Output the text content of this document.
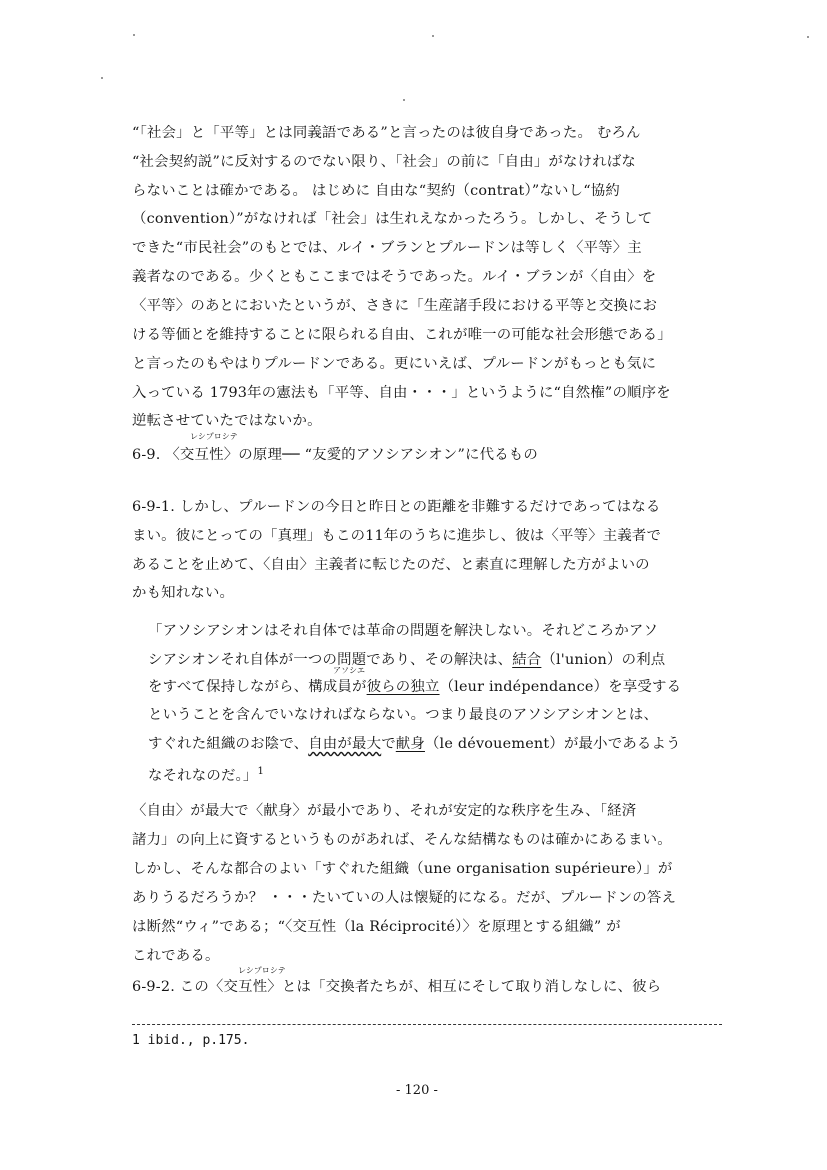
“「社会」と「平等」とは同義語である”と言ったのは彼自身であった。 むろん
“社会契約説”に反対するのでない限り、「社会」の前に「自由」がなければな
らないことは確かである。 はじめに 自由な“契約（contrat）”ないし“協約
（convention）”がなければ「社会」は生れえなかったろう。しかし、そうして
できた“市民社会”のもとでは、ルイ・ブランとプルードンは等しく〈平等〉主
義者なのである。少くともここまではそうであった。ルイ・ブランが〈自由〉を
〈平等〉のあとにおいたというが、さきに「生産諸手段における平等と交換にお
ける等価とを維持することに限られる自由、これが唯一の可能な社会形態である」
と言ったのもやはりプルードンである。更にいえば、プルードンがもっとも気に
入っている 1793年の憲法も「平等、自由・・・」というように“自然権”の順序を
逆転させていたではないか。
レシプロシテ
6-9. 〈交互性〉の原理── “友愛的アソシアシオン”に代るもの
6-9-1. しかし、プルードンの今日と昨日との距離を非難するだけであってはなる
まい。彼にとっての「真理」もこの11年のうちに進歩し、彼は〈平等〉主義者で
あることを止めて、〈自由〉主義者に転じたのだ、と素直に理解した方がよいの
かも知れない。
「アソシアシオンはそれ自体では革命の問題を解決しない。それどころかアソ
シアシオンそれ自体が一つの問題であり、その解決は、結合（l'union）の利点
アソシエ
をすべて保持しながら、構成員が彼らの独立（leur indépendance）を享受する
ということを含んでいなければならない。つまり最良のアソシアシオンとは、
すぐれた組織のお陰で、自由が最大で献身（le dévouement）が最小であるよう
なそれなのだ。」$^1$
〈自由〉が最大で〈献身〉が最小であり、それが安定的な秩序を生み、「経済
諸力」の向上に資するというものがあれば、そんな結構なものは確かにあるまい。
しかし、そんな都合のよい「すぐれた組織（une organisation supérieure）」が
ありうるだろうか？ ・・・たいていの人は懐疑的になる。だが、プルードンの答え
は断然“ウィ”である；“〈交互性（la Réciprocité）〉を原理とする組織” が
これである。
レシプロシテ
6-9-2. この〈交互性〉とは「交換者たちが、相互にそして取り消しなしに、彼ら
1 ibid., p.175.
- 120 -
